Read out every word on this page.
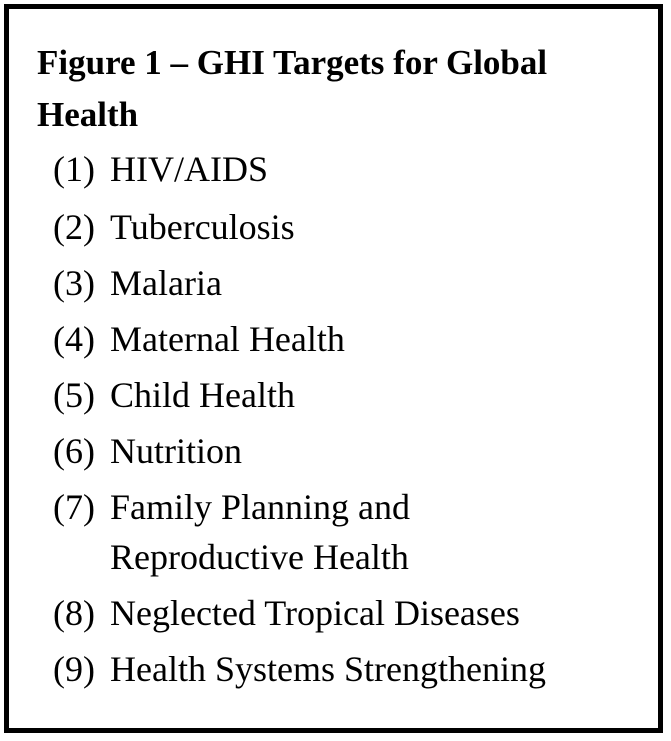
Figure 1 – GHI Targets for Global Health
(1) HIV/AIDS
(2) Tuberculosis
(3) Malaria
(4) Maternal Health
(5) Child Health
(6) Nutrition
(7) Family Planning and Reproductive Health
(8) Neglected Tropical Diseases
(9) Health Systems Strengthening
